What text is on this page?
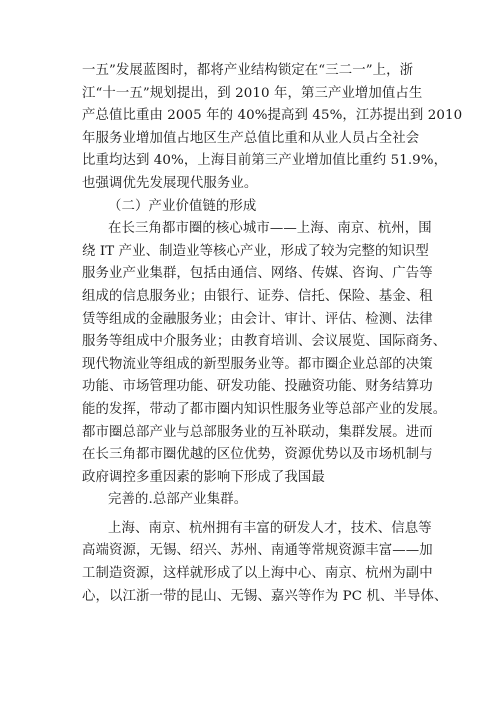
一五”发展蓝图时，都将产业结构锁定在“三二一”上，浙
江“十一五”规划提出，到 2010 年，第三产业增加值占生
产总值比重由 2005 年的 40%提高到 45%，江苏提出到 2010
年服务业增加值占地区生产总值比重和从业人员占全社会
比重均达到 40%，上海目前第三产业增加值比重约 51.9%，
也强调优先发展现代服务业。
（二）产业价值链的形成
在长三角都市圈的核心城市——上海、南京、杭州，围
绕 IT 产业、制造业等核心产业，形成了较为完整的知识型
服务业产业集群，包括由通信、网络、传媒、咨询、广告等
组成的信息服务业；由银行、证券、信托、保险、基金、租
赁等组成的金融服务业；由会计、审计、评估、检测、法律
服务等组成中介服务业；由教育培训、会议展览、国际商务、
现代物流业等组成的新型服务业等。都市圈企业总部的决策
功能、市场管理功能、研发功能、投融资功能、财务结算功
能的发挥，带动了都市圈内知识性服务业等总部产业的发展。
都市圈总部产业与总部服务业的互补联动，集群发展。进而
在长三角都市圈优越的区位优势，资源优势以及市场机制与
政府调控多重因素的影响下形成了我国最
完善的.总部产业集群。
上海、南京、杭州拥有丰富的研发人才，技术、信息等
高端资源，无锡、绍兴、苏州、南通等常规资源丰富——加
工制造资源，这样就形成了以上海中心、南京、杭州为副中
心，以江浙一带的昆山、无锡、嘉兴等作为 PC 机、半导体、
